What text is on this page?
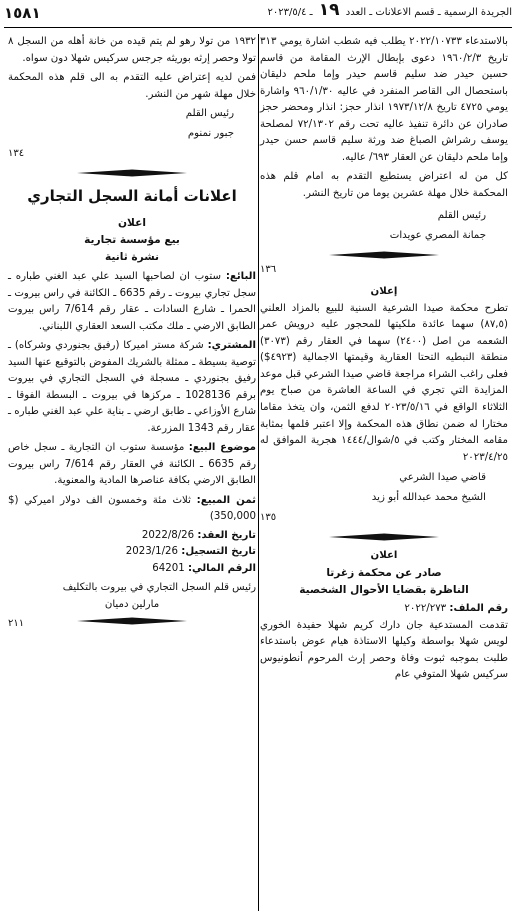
الجريدة الرسمية ـ قسم الاعلانات ـ العدد ١٩ ـ ٢٠٢٣/٥/٤
١٥٨١

بالاستدعاء ٢٠٢٢/١٠٧٣٣ يطلب فيه شطب اشارة يومي ٣١٣ تاريخ ١٩٦٠/٢/٣ دعوى بإبطال الإرث المقامة من قاسم حسين حيدر ضد سليم قاسم حيدر وإما ملحم دليقان باستحصال الى القاصر المنفرد في عاليه ٩٦٠/١/٣٠ واشارة يومي ٤٧٢٥ تاريخ ١٩٧٣/١٢/٨ انذار حجز: انذار ومحضر حجز صادران عن دائرة تنفيذ عاليه تحت رقم ٧٢/١٣٠٢ لمصلحة يوسف رشراش الصباغ ضد ورثة سليم قاسم حسن حيدر وإما ملحم دليقان عن العقار ٦٩٣/ عاليه.

كل من له اعتراض يستطيع التقدم به امام قلم هذه المحكمة خلال مهلة عشرين يوما من تاريخ النشر.

رئيس القلم
جمانة المصري عويدات
١٣٦
إعلان

تطرح محكمة صيدا الشرعية السنية للبيع بالمزاد العلني (٨٧,٥) سهما عائدة ملكيتها للمحجور عليه درويش عمر الشعمه من اصل (٢٤٠٠) سهما في العقار رقم (٣٠٧٣) منطقة النبطيه التحتا العقارية وقيمتها الاجمالية (٤٩٢٣$) فعلى راغب الشراء مراجعة قاضي صيدا الشرعي قبل موعد المزايدة التي تجري في الساعة العاشرة من صباح يوم الثلاثاء الواقع في ٢٠٢٣/٥/١٦ لدفع الثمن، وان يتخذ مقاما مختارا له ضمن نطاق هذه المحكمة وإلا اعتبر قلمها بمثابة مقامه المختار وكتب في ٥/شوال/١٤٤٤ هجرية الموافق له ٢٠٢٣/٤/٢٥

قاضي صيدا الشرعي
الشيخ محمد عبدالله أبو زيد
١٣٥
اعلان
صادر عن محكمة زغرتا
الناظرة بقضايا الأحوال الشخصية
رقم الملف: ٢٠٢٢/٢٧٣

تقدمت المستدعية جان دارك كريم شهلا حفيدة الخوري لويس شهلا بواسطة وكيلها الاستاذة هيام عوض باستدعاء طلبت بموجبه ثبوت وفاة وحصر إرث المرحوم أنطونيوس سركيس شهلا المتوفي عام

١٩٣٢ من تولا رهو لم يتم قيده من خانة أهله من السجل ٨ تولا وحصر إرثه بوريثه جرجس سركيس شهلا دون سواه.

فمن لديه إعتراض عليه التقدم به الى قلم هذه المحكمة خلال مهلة شهر من النشر.

رئيس القلم
جبور نمنوم
١٣٤
اعلانات أمانة السجل التجاري
اعلان
بيع مؤسسة تجارية
نشرة ثانية

البائع: ستوب ان لصاحبها السيد علي عبد الغني طباره ـ سجل تجاري بيروت ـ رقم 6635 ـ الكائنة في راس بيروت ـ الحمرا ـ شارع السادات ـ عقار رقم 7/614 راس بيروت الطابق الارضي ـ ملك مكتب السعد العقاري اللبناني.

المشتري: شركة مستر اميركا (رفيق بجنوردي وشركاه) ـ توصية بسيطة ـ ممثلة بالشريك المفوض بالتوقيع عنها السيد رفيق بجنوردي ـ مسجلة في السجل التجاري في بيروت برقم 1028136 ـ مركزها في بيروت ـ البسطة الفوقا ـ شارع الأوزاعي ـ طابق ارضي ـ بناية علي عبد الغني طباره ـ عقار رقم 1343 المزرعة.

موضوع البيع: مؤسسة ستوب ان التجارية ـ سجل خاص رقم 6635 ـ الكائنة في العقار رقم 7/614 راس بيروت الطابق الارضي بكافة عناصرها المادية والمعنوية.

ثمن المبيع: ثلاث مئة وخمسون الف دولار اميركي ($ 350,000)

تاريخ العقد: 2022/8/26
تاريخ التسجيل: 2023/1/26
الرقم المالي: 64201
رئيس قلم السجل التجاري في بيروت بالتكليف
مارلين دميان
٢١١
